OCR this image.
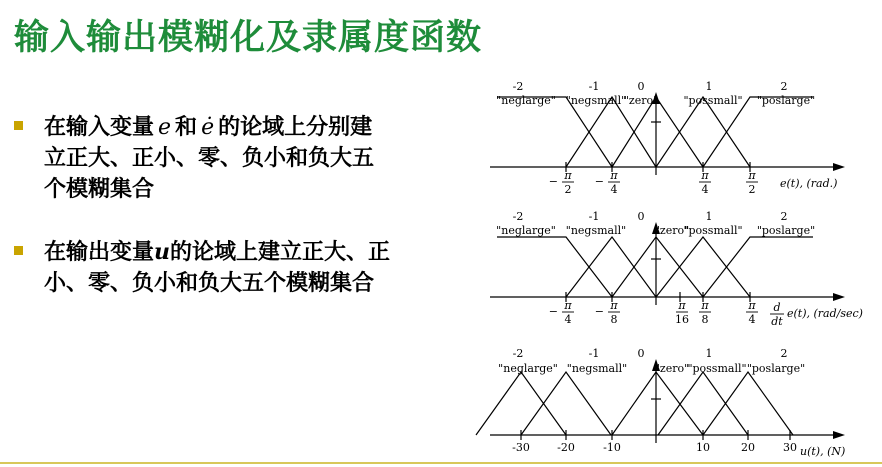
输入输出模糊化及隶属度函数
在输入变量 e 和 ė 的论域上分别建
立正大、正小、零、负小和负大五
个模糊集合
在输出变量u的论域上建立正大、正
小、零、负小和负大五个模糊集合
-2	-1	0	1	2
"neglarge" "negsmall"
"zero" "possmall" "poslarge"
− π
2
− π
4
π
4
π
2 e(t), (rad.)
-2	-1	0	1	2
"neglarge" "negsmall"	"zero"
"possmall" "poslarge"
− π
4
− π
8
π
16
π
8
π
4
d
dt
e(t), (rad/sec)
-2	-1	0	1	2
"neglarge" "negsmall"	"zero"
"possmall" "poslarge"
-30 -20	-10	10	20	30 u(t), (N)
